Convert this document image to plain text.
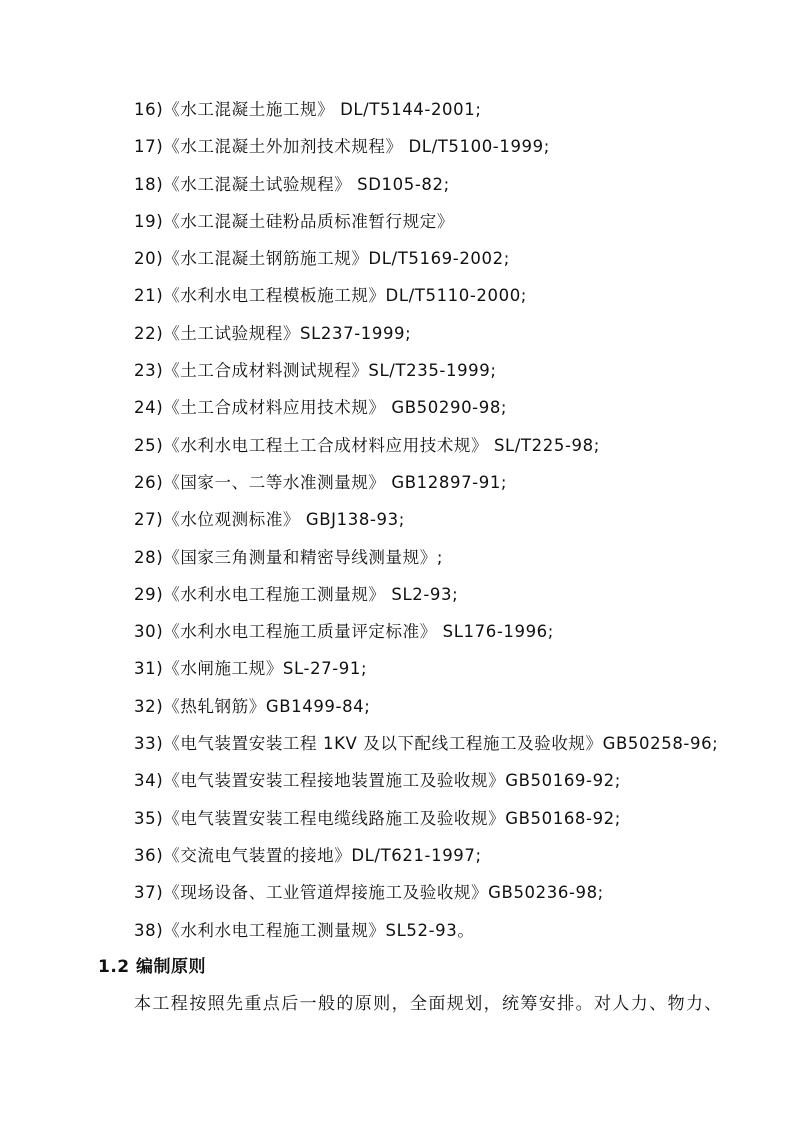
16)《水工混凝土施工规》 DL/T5144-2001;
17)《水工混凝土外加剂技术规程》 DL/T5100-1999;
18)《水工混凝土试验规程》 SD105-82;
19)《水工混凝土硅粉品质标准暂行规定》
20)《水工混凝土钢筋施工规》DL/T5169-2002;
21)《水利水电工程模板施工规》DL/T5110-2000;
22)《土工试验规程》SL237-1999;
23)《土工合成材料测试规程》SL/T235-1999;
24)《土工合成材料应用技术规》 GB50290-98;
25)《水利水电工程土工合成材料应用技术规》 SL/T225-98;
26)《国家一、二等水准测量规》 GB12897-91;
27)《水位观测标准》 GBJ138-93;
28)《国家三角测量和精密导线测量规》;
29)《水利水电工程施工测量规》 SL2-93;
30)《水利水电工程施工质量评定标准》 SL176-1996;
31)《水闸施工规》SL-27-91;
32)《热轧钢筋》GB1499-84;
33)《电气装置安装工程 1KV 及以下配线工程施工及验收规》GB50258-96;
34)《电气装置安装工程接地装置施工及验收规》GB50169-92;
35)《电气装置安装工程电缆线路施工及验收规》GB50168-92;
36)《交流电气装置的接地》DL/T621-1997;
37)《现场设备、工业管道焊接施工及验收规》GB50236-98;
38)《水利水电工程施工测量规》SL52-93。
1.2 编制原则

本工程按照先重点后一般的原则，全面规划，统筹安排。对人力、物力、
